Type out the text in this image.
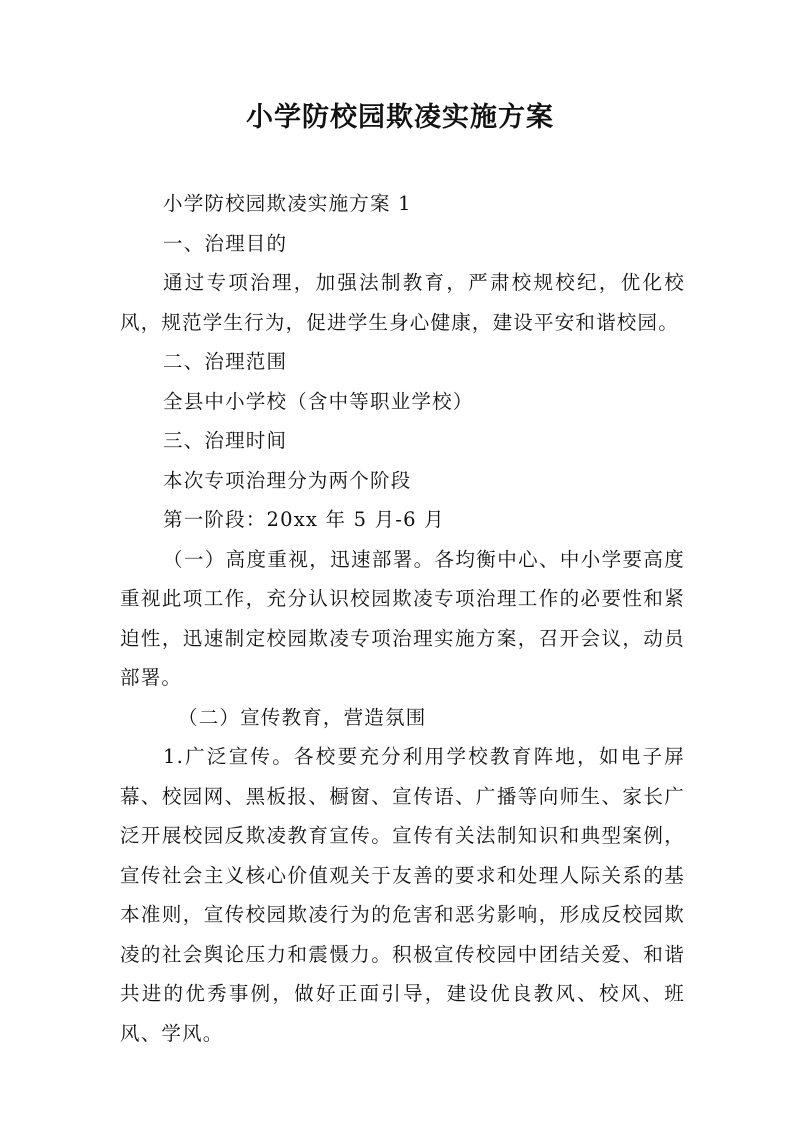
小学防校园欺凌实施方案

小学防校园欺凌实施方案 1

一、治理目的

通过专项治理，加强法制教育，严肃校规校纪，优化校风，规范学生行为，促进学生身心健康，建设平安和谐校园。

二、治理范围

全县中小学校（含中等职业学校）

三、治理时间

本次专项治理分为两个阶段

第一阶段：20xx 年 5 月-6 月

（一）高度重视，迅速部署。各均衡中心、中小学要高度重视此项工作，充分认识校园欺凌专项治理工作的必要性和紧迫性，迅速制定校园欺凌专项治理实施方案，召开会议，动员部署。

（二）宣传教育，营造氛围

1.广泛宣传。各校要充分利用学校教育阵地，如电子屏幕、校园网、黑板报、橱窗、宣传语、广播等向师生、家长广泛开展校园反欺凌教育宣传。宣传有关法制知识和典型案例，宣传社会主义核心价值观关于友善的要求和处理人际关系的基本准则，宣传校园欺凌行为的危害和恶劣影响，形成反校园欺凌的社会舆论压力和震慑力。积极宣传校园中团结关爱、和谐共进的优秀事例，做好正面引导，建设优良教风、校风、班风、学风。
